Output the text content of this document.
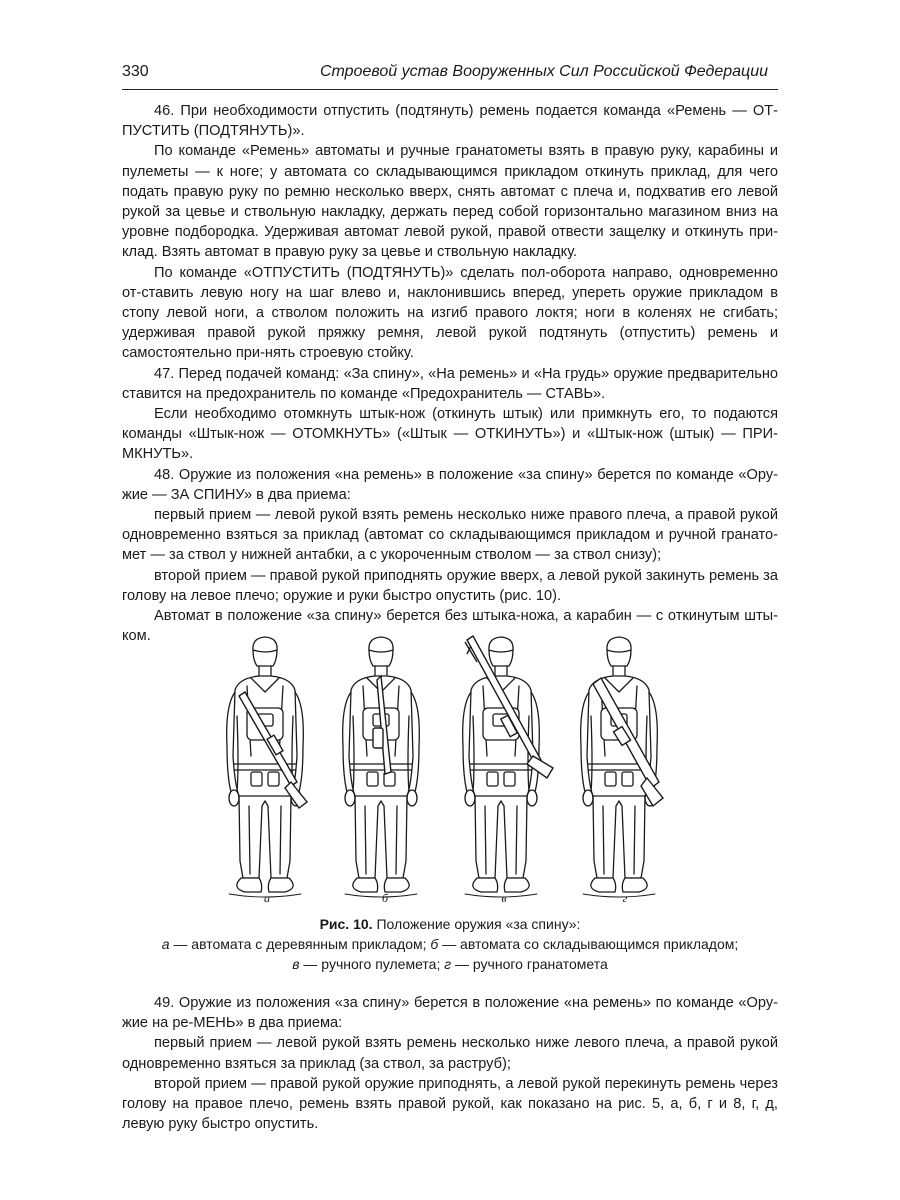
330	Строевой устав Вооруженных Сил Российской Федерации

46. При необходимости отпустить (подтянуть) ремень подается команда «Ремень — ОТ-ПУСТИТЬ (ПОДТЯНУТЬ)».

По команде «Ремень» автоматы и ручные гранатометы взять в правую руку, карабины и пулеметы — к ноге; у автомата со складывающимся прикладом откинуть приклад, для чего подать правую руку по ремню несколько вверх, снять автомат с плеча и, подхватив его левой рукой за цевье и ствольную накладку, держать перед собой горизонтально магазином вниз на уровне подбородка. Удерживая автомат левой рукой, правой отвести защелку и откинуть при-клад. Взять автомат в правую руку за цевье и ствольную накладку.

По команде «ОТПУСТИТЬ (ПОДТЯНУТЬ)» сделать пол-оборота направо, одновременно от-ставить левую ногу на шаг влево и, наклонившись вперед, упереть оружие прикладом в стопу левой ноги, а стволом положить на изгиб правого локтя; ноги в коленях не сгибать; удерживая правой рукой пряжку ремня, левой рукой подтянуть (отпустить) ремень и самостоятельно при-нять строевую стойку.

47. Перед подачей команд: «За спину», «На ремень» и «На грудь» оружие предварительно ставится на предохранитель по команде «Предохранитель — СТАВЬ».

Если необходимо отомкнуть штык-нож (откинуть штык) или примкнуть его, то подаются команды «Штык-нож — ОТОМКНУТЬ» («Штык — ОТКИНУТЬ») и «Штык-нож (штык) — ПРИ-МКНУТЬ».

48. Оружие из положения «на ремень» в положение «за спину» берется по команде «Ору-жие — ЗА СПИНУ» в два приема:

первый прием — левой рукой взять ремень несколько ниже правого плеча, а правой рукой одновременно взяться за приклад (автомат со складывающимся прикладом и ручной гранато-мет — за ствол у нижней антабки, а с укороченным стволом — за ствол снизу);

второй прием — правой рукой приподнять оружие вверх, а левой рукой закинуть ремень за голову на левое плечо; оружие и руки быстро опустить (рис. 10).

Автомат в положение «за спину» берется без штыка-ножа, а карабин — с откинутым шты-ком.

а	б	в	г
Рис. 10. Положение оружия «за спину»:
а — автомата с деревянным прикладом; б — автомата со складывающимся прикладом;
в — ручного пулемета; г — ручного гранатомета

49. Оружие из положения «за спину» берется в положение «на ремень» по команде «Ору-жие на ре-МЕНЬ» в два приема:

первый прием — левой рукой взять ремень несколько ниже левого плеча, а правой рукой одновременно взяться за приклад (за ствол, за раструб);

второй прием — правой рукой оружие приподнять, а левой рукой перекинуть ремень через голову на правое плечо, ремень взять правой рукой, как показано на рис. 5, а, б, г и 8, г, д, левую руку быстро опустить.
